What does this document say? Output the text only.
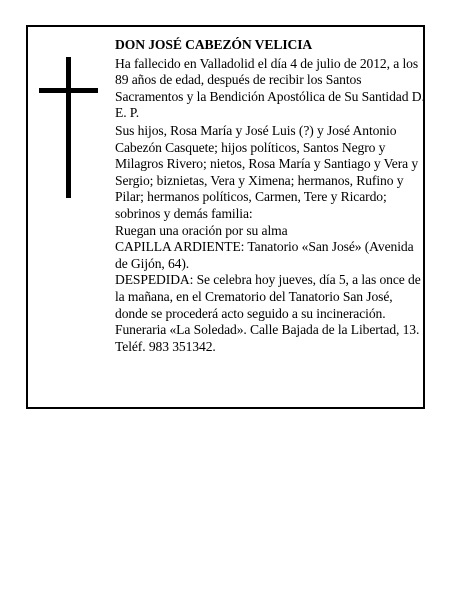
DON JOSÉ CABEZÓN VELICIA

Ha fallecido en Valladolid el día 4 de julio de 2012, a los 89 años de edad, después de recibir los Santos Sacramentos y la Bendición Apostólica de Su Santidad D. E. P.

Sus hijos, Rosa María y José Luis (?) y José Antonio Cabezón Casquete; hijos políticos, Santos Negro y Milagros Rivero; nietos, Rosa María y Santiago y Vera y Sergio; biznietas, Vera y Ximena; hermanos, Rufino y Pilar; hermanos políticos, Carmen, Tere y Ricardo; sobrinos y demás familia:

Ruegan una oración por su alma

CAPILLA ARDIENTE: Tanatorio «San José» (Avenida de Gijón, 64).

DESPEDIDA: Se celebra hoy jueves, día 5, a las once de la mañana, en el Crematorio del Tanatorio San José, donde se procederá acto seguido a su incineración.

Funeraria «La Soledad». Calle Bajada de la Libertad, 13. Teléf. 983 351342.
